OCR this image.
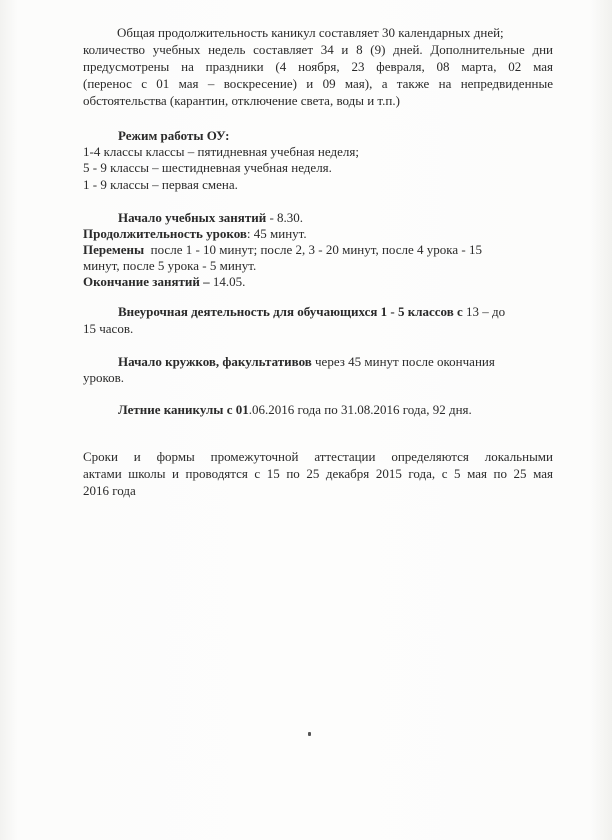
Общая продолжительность каникул составляет 30 календарных дней;
количество учебных недель составляет 34 и 8 (9) дней. Дополнительные дни
предусмотрены на праздники (4 ноября, 23 февраля, 08 марта, 02 мая
(перенос с 01 мая – воскресение) и 09 мая), а также на непредвиденные
обстоятельства (карантин, отключение света, воды и т.п.)
Режим работы ОУ:
1-4 классы классы – пятидневная учебная неделя;
5 - 9 классы – шестидневная учебная неделя.
1 - 9 классы – первая смена.
Начало учебных занятий - 8.30.
Продолжительность уроков: 45 минут.
Перемены после 1 - 10 минут; после 2, 3 - 20 минут, после 4 урока - 15
минут, после 5 урока - 5 минут.
Окончание занятий – 14.05.
Внеурочная деятельность для обучающихся 1 - 5 классов с 13 – до
15 часов.
Начало кружков, факультативов через 45 минут после окончания
уроков.
Летние каникулы с 01.06.2016 года по 31.08.2016 года, 92 дня.
Сроки и формы промежуточной аттестации определяются локальными
актами школы и проводятся с 15 по 25 декабря 2015 года, с 5 мая по 25 мая
2016 года
